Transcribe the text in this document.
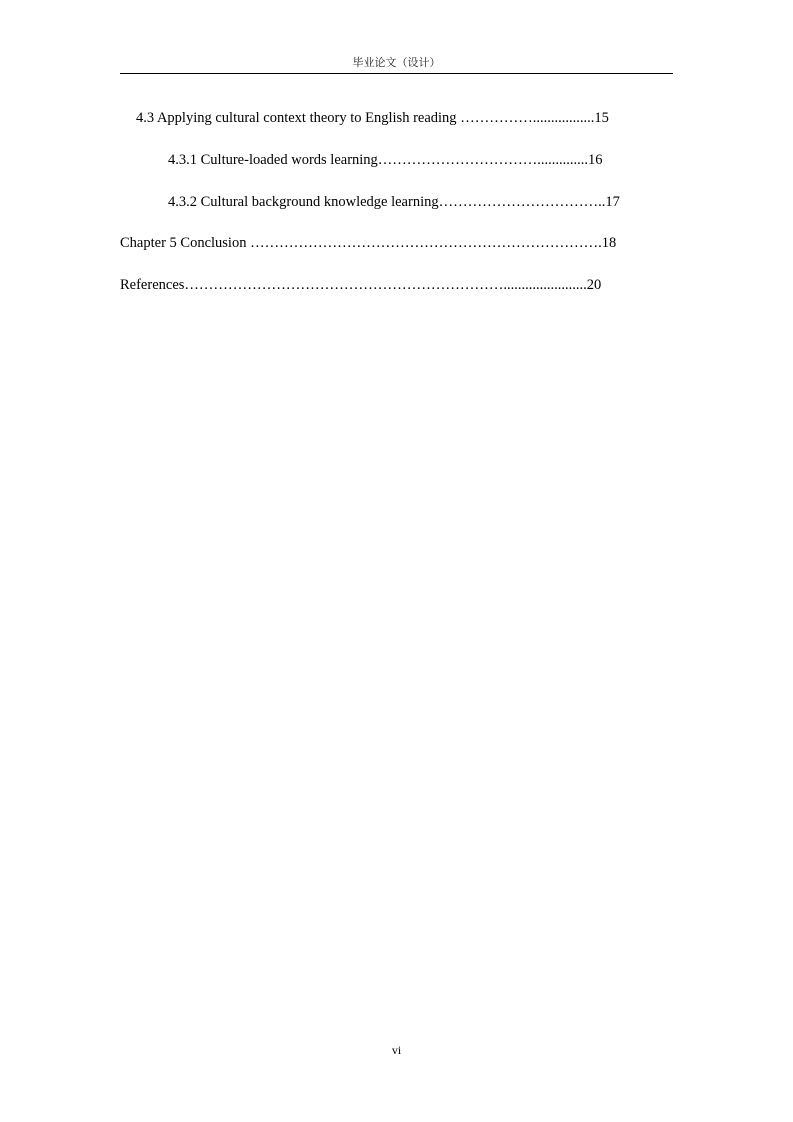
毕业论文（设计）
4.3 Applying cultural context theory to English reading …………….................15
4.3.1 Culture-loaded words learning……………………………..............16
4.3.2 Cultural background knowledge learning……………………………..17
Chapter 5 Conclusion ……………………………………………………………….18
References………………………………………………………….......................20
vi
